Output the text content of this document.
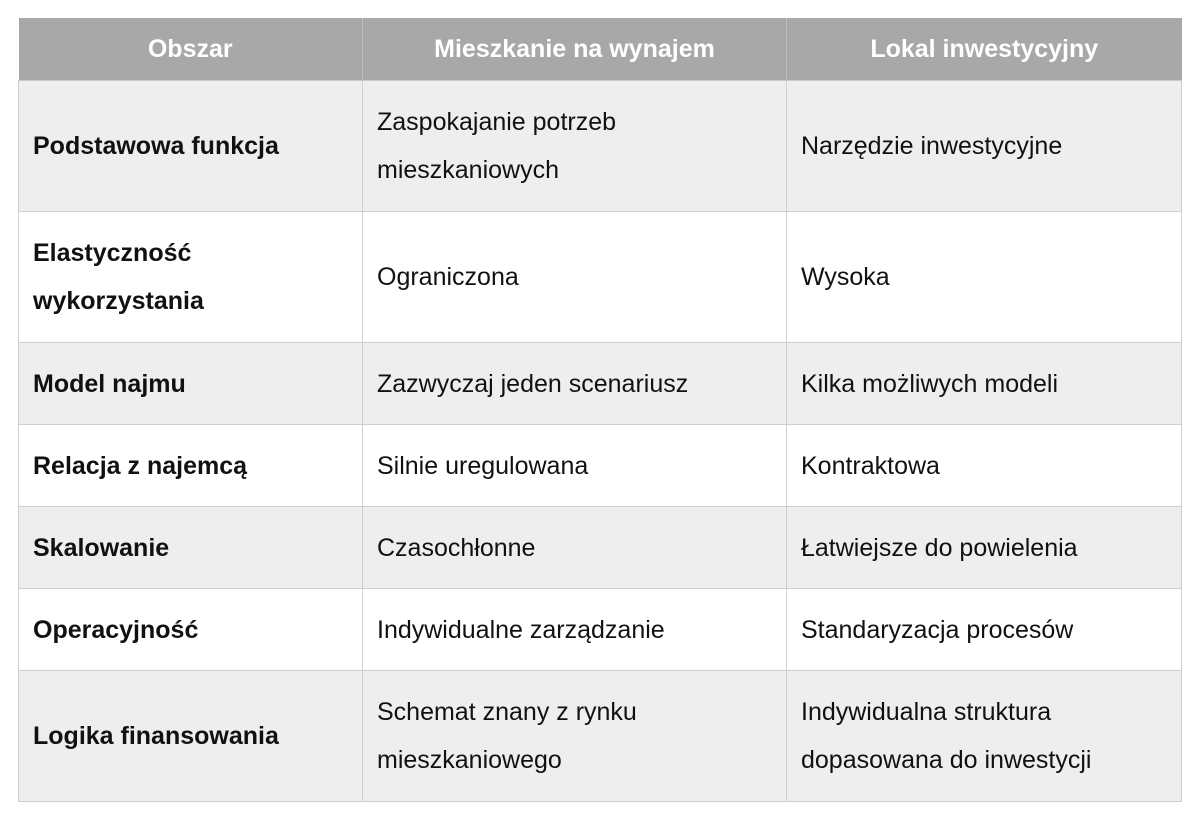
Obszar	Mieszkanie na wynajem	Lokal inwestycyjny
Podstawowa funkcja	Zaspokajanie potrzeb mieszkaniowych	Narzędzie inwestycyjne
Elastyczność wykorzystania	Ograniczona	Wysoka
Model najmu	Zazwyczaj jeden scenariusz	Kilka możliwych modeli
Relacja z najemcą	Silnie uregulowana	Kontraktowa
Skalowanie	Czasochłonne	Łatwiejsze do powielenia
Operacyjność	Indywidualne zarządzanie	Standaryzacja procesów
Logika finansowania	Schemat znany z rynku mieszkaniowego	Indywidualna struktura dopasowana do inwestycji
